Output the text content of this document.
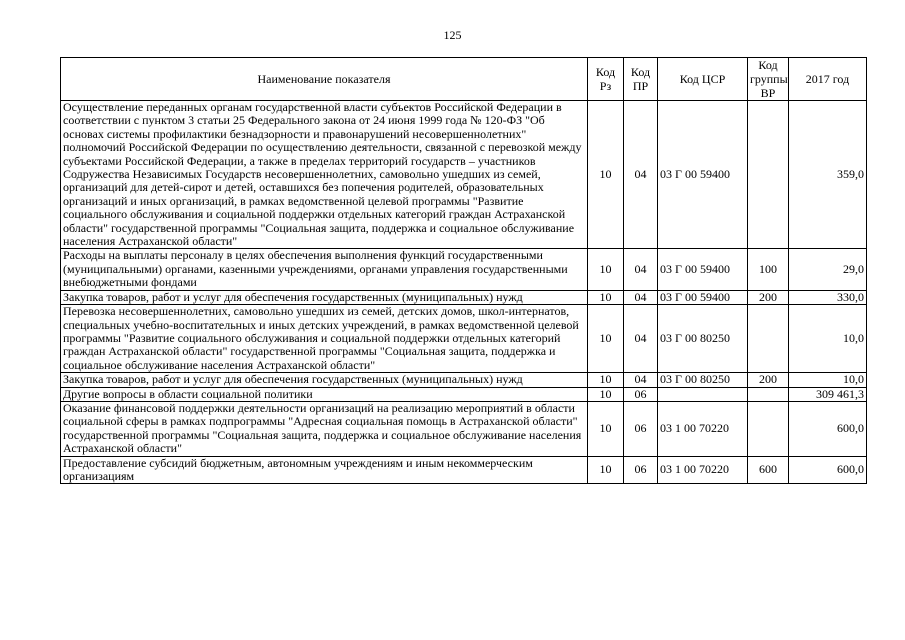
125
Наименование показателя	Код Рз	Код ПР	Код ЦСР	Код группы ВР	2017 год
Осуществление переданных органам государственной власти субъектов Российской Федерации в соответствии с пунктом 3 статьи 25 Федерального закона от 24 июня 1999 года № 120-ФЗ "Об основах системы профилактики безнадзорности и правонарушений несовершеннолетних" полномочий Российской Федерации по осуществлению деятельности, связанной с перевозкой между субъектами Российской Федерации, а также в пределах территорий государств – участников Содружества Независимых Государств несовершеннолетних, самовольно ушедших из семей, организаций для детей-сирот и детей, оставшихся без попечения родителей, образовательных организаций и иных организаций, в рамках ведомственной целевой программы "Развитие социального обслуживания и социальной поддержки отдельных категорий граждан Астраханской области" государственной программы "Социальная защита, поддержка и социальное обслуживание населения Астраханской области"	10	04	03 Г 00 59400		359,0
Расходы на выплаты персоналу в целях обеспечения выполнения функций государственными (муниципальными) органами, казенными учреждениями, органами управления государственными внебюджетными фондами	10	04	03 Г 00 59400	100	29,0
Закупка товаров, работ и услуг для обеспечения государственных (муниципальных) нужд	10	04	03 Г 00 59400	200	330,0
Перевозка несовершеннолетних, самовольно ушедших из семей, детских домов, школ-интернатов, специальных учебно-воспитательных и иных детских учреждений, в рамках ведомственной целевой программы "Развитие социального обслуживания и социальной поддержки отдельных категорий граждан Астраханской области" государственной программы "Социальная защита, поддержка и социальное обслуживание населения Астраханской области"	10	04	03 Г 00 80250		10,0
Закупка товаров, работ и услуг для обеспечения государственных (муниципальных) нужд	10	04	03 Г 00 80250	200	10,0
Другие вопросы в области социальной политики	10	06			309 461,3
Оказание финансовой поддержки деятельности организаций на реализацию мероприятий в области социальной сферы в рамках подпрограммы "Адресная социальная помощь в Астраханской области" государственной программы "Социальная защита, поддержка и социальное обслуживание населения Астраханской области"	10	06	03 1 00 70220		600,0
Предоставление субсидий бюджетным, автономным учреждениям и иным некоммерческим организациям	10	06	03 1 00 70220	600	600,0
